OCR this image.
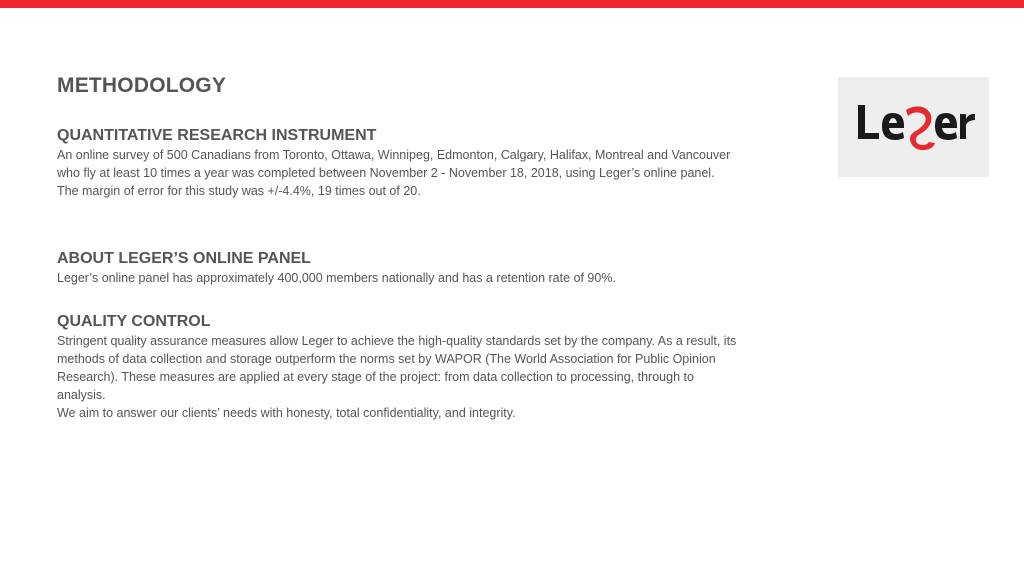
METHODOLOGY
QUANTITATIVE RESEARCH INSTRUMENT

An online survey of 500 Canadians from Toronto, Ottawa, Winnipeg, Edmonton, Calgary, Halifax, Montreal and Vancouver
who fly at least 10 times a year was completed between November 2 - November 18, 2018, using Leger’s online panel.
The margin of error for this study was +/-4.4%, 19 times out of 20.

ABOUT LEGER’S ONLINE PANEL

Leger’s online panel has approximately 400,000 members nationally and has a retention rate of 90%.

QUALITY CONTROL

Stringent quality assurance measures allow Leger to achieve the high-quality standards set by the company. As a result, its
methods of data collection and storage outperform the norms set by WAPOR (The World Association for Public Opinion
Research). These measures are applied at every stage of the project: from data collection to processing, through to
analysis.
We aim to answer our clients’ needs with honesty, total confidentiality, and integrity.
